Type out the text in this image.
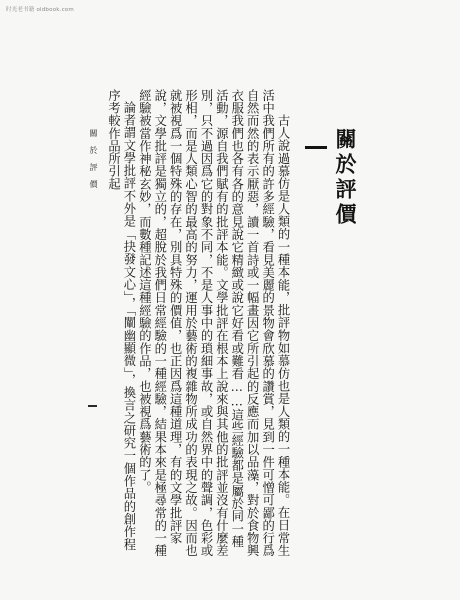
时光老书籍 oldbook.com
關於評價

古人說過慕仿是人類的一種本能，批評物如慕仿也是人類的一種本能。在日常生活中我們所有的許多經驗，看見美麗的景物會欣慕的讚賞，見到一件可憎可鄙的行爲自然而然的表示厭惡，讀一首詩或一幅畫因它所引起的反應而加以品藻，對於食物興衣服我們也各有各的意見說它精緻或說它好看或難看……這些經驗都是屬於同一種活動，源自我們賦有的批評本能。文學批評在根本上說來與其他的批評並沒有什麼差別，只不過因爲它的對象不同，不是人事中的瑣細事故，或自然界中的聲調，色彩或形相，而是人類心智的最高的努力，運用於藝術的複雜物所成功的表現之故。因而也就被視爲一個特殊的存在，別具特殊的價值，也正因爲這種道理，有的文學批評家說，文學批評是獨立的，超脫於我們日常經驗的一種經驗，結果本來是極尋常的一種經驗被當作神秘玄妙，而數種記述這種經驗的作品，也被視爲藝術的了。

論者謂文學批評不外是「抉發文心」，「闡幽顯微」，換言之研究一個作品的創作程序考較作品所引起

關於評價
